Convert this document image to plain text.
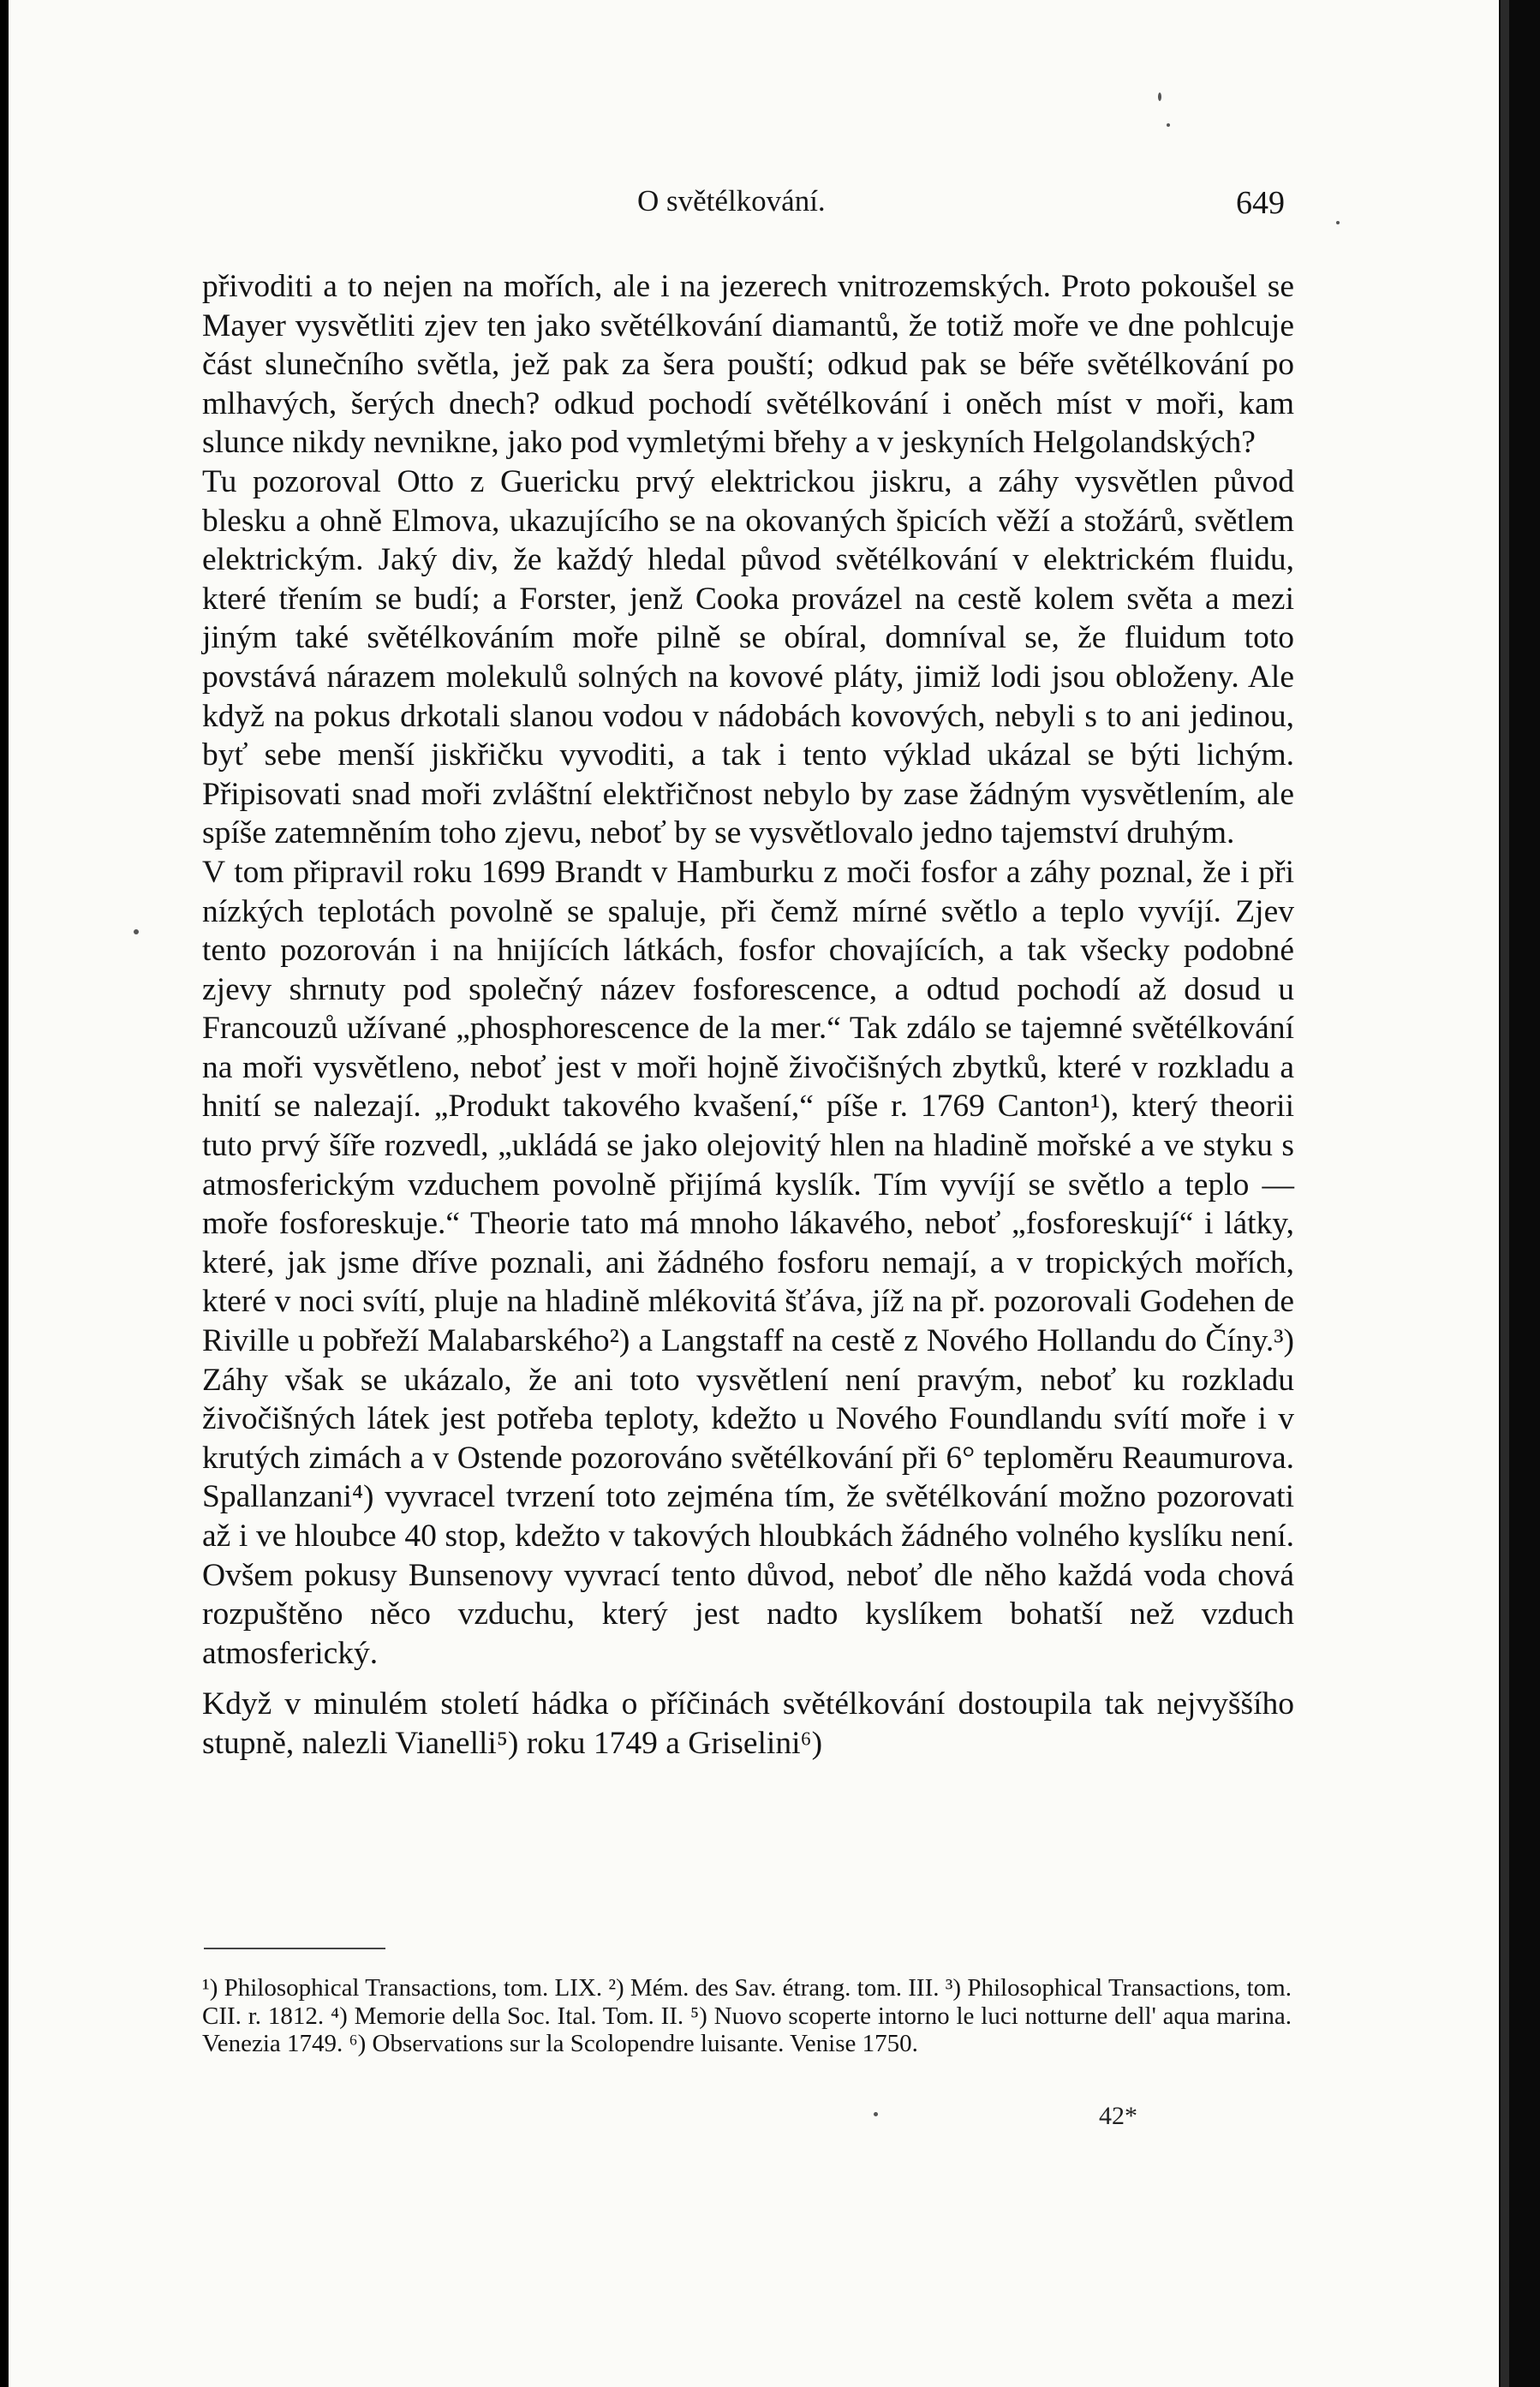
O světélkování.	649

přivoditi a to nejen na mořích, ale i na jezerech vnitrozemských. Proto pokoušel se Mayer vysvětliti zjev ten jako světélkování diamantů, že totiž moře ve dne pohlcuje část slunečního světla, jež pak za šera pouští; odkud pak se béře světélkování po mlhavých, šerých dnech? odkud pochodí světélkování i oněch míst v moři, kam slunce nikdy nevnikne, jako pod vymletými břehy a v jeskyních Helgolandských?

Tu pozoroval Otto z Guericku prvý elektrickou jiskru, a záhy vysvětlen původ blesku a ohně Elmova, ukazujícího se na okovaných špicích věží a stožárů, světlem elektrickým. Jaký div, že každý hledal původ světélkování v elektrickém fluidu, které třením se budí; a Forster, jenž Cooka provázel na cestě kolem světa a mezi jiným také světélkováním moře pilně se obíral, domníval se, že fluidum toto povstává nárazem molekulů solných na kovové pláty, jimiž lodi jsou obloženy. Ale když na pokus drkotali slanou vodou v nádobách kovových, nebyli s to ani jedinou, byť sebe menší jiskřičku vyvoditi, a tak i tento výklad ukázal se býti lichým. Připisovati snad moři zvláštní elektřičnost nebylo by zase žádným vysvětlením, ale spíše zatemněním toho zjevu, neboť by se vysvětlovalo jedno tajemství druhým.

V tom připravil roku 1699 Brandt v Hamburku z moči fosfor a záhy poznal, že i při nízkých teplotách povolně se spaluje, při čemž mírné světlo a teplo vyvíjí. Zjev tento pozorován i na hnijících látkách, fosfor chovajících, a tak všecky podobné zjevy shrnuty pod společný název fosforescence, a odtud pochodí až dosud u Francouzů užívané „phosphorescence de la mer.“ Tak zdálo se tajemné světélkování na moři vysvětleno, neboť jest v moři hojně živočišných zbytků, které v rozkladu a hnití se nalezají. „Produkt takového kvašení,“ píše r. 1769 Canton¹), který theorii tuto prvý šíře rozvedl, „ukládá se jako olejovitý hlen na hladině mořské a ve styku s atmosferickým vzduchem povolně přijímá kyslík. Tím vyvíjí se světlo a teplo — moře fosforeskuje.“ Theorie tato má mnoho lákavého, neboť „fosforeskují“ i látky, které, jak jsme dříve poznali, ani žádného fosforu nemají, a v tropických mořích, které v noci svítí, pluje na hladině mlékovitá šťáva, jíž na př. pozorovali Godehen de Riville u pobřeží Malabarského²) a Langstaff na cestě z Nového Hollandu do Číny.³) Záhy však se ukázalo, že ani toto vysvětlení není pravým, neboť ku rozkladu živočišných látek jest potřeba teploty, kdežto u Nového Foundlandu svítí moře i v krutých zimách a v Ostende pozorováno světélkování při 6° teploměru Reaumurova. Spallanzani⁴) vyvracel tvrzení toto zejména tím, že světélkování možno pozorovati až i ve hloubce 40 stop, kdežto v takových hloubkách žádného volného kyslíku není. Ovšem pokusy Bunsenovy vyvrací tento důvod, neboť dle něho každá voda chová rozpuštěno něco vzduchu, který jest nadto kyslíkem bohatší než vzduch atmosferický.

Když v minulém století hádka o příčinách světélkování dostoupila tak nejvyššího stupně, nalezli Vianelli⁵) roku 1749 a Griselini⁶)

¹) Philosophical Transactions, tom. LIX. ²) Mém. des Sav. étrang. tom. III. ³) Philosophical Transactions, tom. CII. r. 1812. ⁴) Memorie della Soc. Ital. Tom. II. ⁵) Nuovo scoperte intorno le luci notturne dell' aqua marina. Venezia 1749. ⁶) Observations sur la Scolopendre luisante. Venise 1750.

42*
